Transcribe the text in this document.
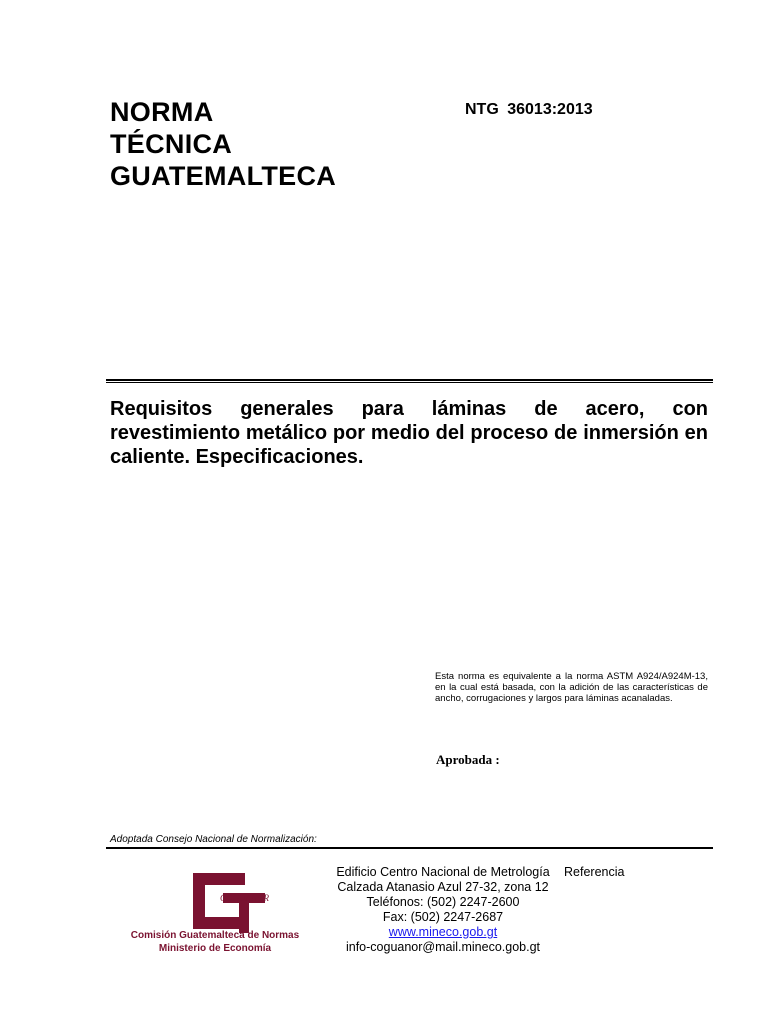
NORMA
TÉCNICA
GUATEMALTECA
NTG 36013:2013
Requisitos generales para láminas de acero, con revestimiento metálico por medio del proceso de inmersión en caliente. Especificaciones.
Esta norma es equivalente a la norma ASTM A924/A924M-13, en la cual está basada, con la adición de las características de ancho, corrugaciones y largos para láminas acanaladas.
Aprobada :
Adoptada Consejo Nacional de Normalización:
COGUANOR
Comisión Guatemalteca de Normas
Ministerio de Economía
Edificio Centro Nacional de Metrología
Calzada Atanasio Azul 27-32, zona 12
Teléfonos: (502) 2247-2600
Fax: (502) 2247-2687
www.mineco.gob.gt
info-coguanor@mail.mineco.gob.gt
Referencia
